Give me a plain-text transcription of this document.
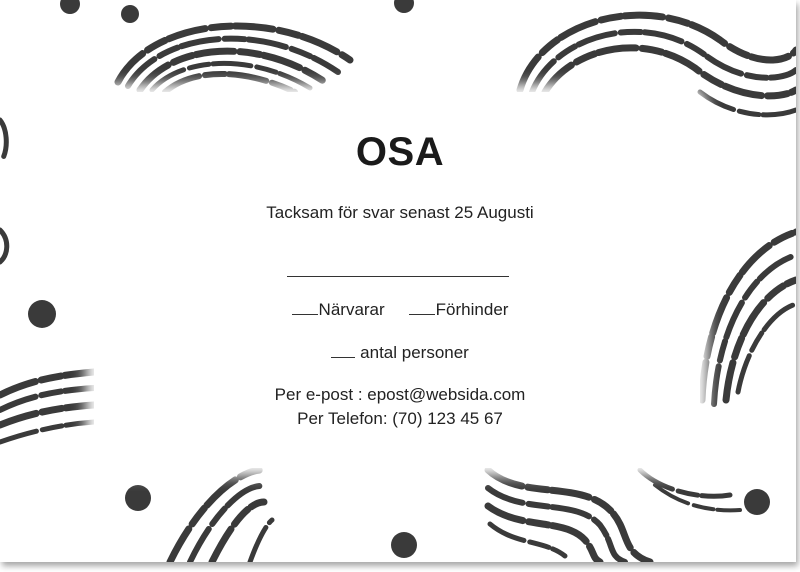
OSA
Tacksam för svar senast 25 Augusti
Närvarar	Förhinder
antal personer
Per e-post : epost@websida.com
Per Telefon: (70) 123 45 67
